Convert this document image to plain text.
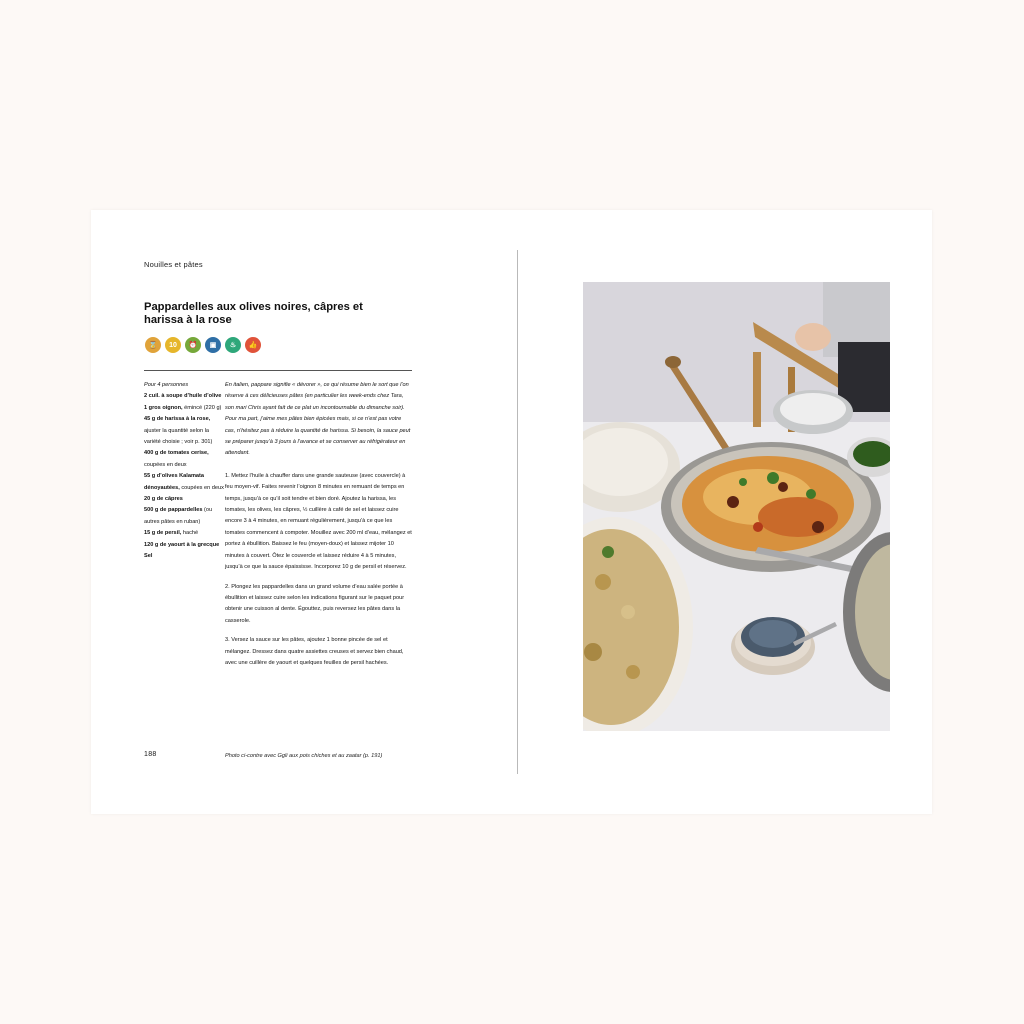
Nouilles et pâtes
Pappardelles aux olives noires, câpres et harissa à la rose
⌛	10	⏰	▣	♨	👍
Pour 4 personnes
2 cuil. à soupe d’huile d’olive
1 gros oignon, émincé (220 g)
45 g de harissa à la rose, ajuster la quantité selon la variété choisie ; voir p. 301)
400 g de tomates cerise, coupées en deux
55 g d’olives Kalamata dénoyautées, coupées en deux
20 g de câpres
500 g de pappardelles (ou autres pâtes en ruban)
15 g de persil, haché
120 g de yaourt à la grecque
Sel

En italien, pappare signifie « dévorer », ce qui résume bien le sort que l’on réserve à ces délicieuses pâtes (en particulier les week-ends chez Tara, son mari Chris ayant fait de ce plat un incontournable du dimanche soir). Pour ma part, j’aime mes pâtes bien épicées mais, si ce n’est pas votre cas, n’hésitez pas à réduire la quantité de harissa. Si besoin, la sauce peut se préparer jusqu’à 3 jours à l’avance et se conserver au réfrigérateur en attendant.

1. Mettez l’huile à chauffer dans une grande sauteuse (avec couvercle) à feu moyen-vif. Faites revenir l’oignon 8 minutes en remuant de temps en temps, jusqu’à ce qu’il soit tendre et bien doré. Ajoutez la harissa, les tomates, les olives, les câpres, ½ cuillère à café de sel et laissez cuire encore 3 à 4 minutes, en remuant régulièrement, jusqu’à ce que les tomates commencent à compoter. Mouillez avec 200 ml d’eau, mélangez et portez à ébullition. Baissez le feu (moyen-doux) et laissez mijoter 10 minutes à couvert. Ôtez le couvercle et laissez réduire 4 à 5 minutes, jusqu’à ce que la sauce épaississe. Incorporez 10 g de persil et réservez.

2. Plongez les pappardelles dans un grand volume d’eau salée portée à ébullition et laissez cuire selon les indications figurant sur le paquet pour obtenir une cuisson al dente. Égouttez, puis reversez les pâtes dans la casserole.

3. Versez la sauce sur les pâtes, ajoutez 1 bonne pincée de sel et mélangez. Dressez dans quatre assiettes creuses et servez bien chaud, avec une cuillère de yaourt et quelques feuilles de persil hachées.

188	Photo ci-contre avec Ggli aux pois chiches et au zaatar (p. 191)
